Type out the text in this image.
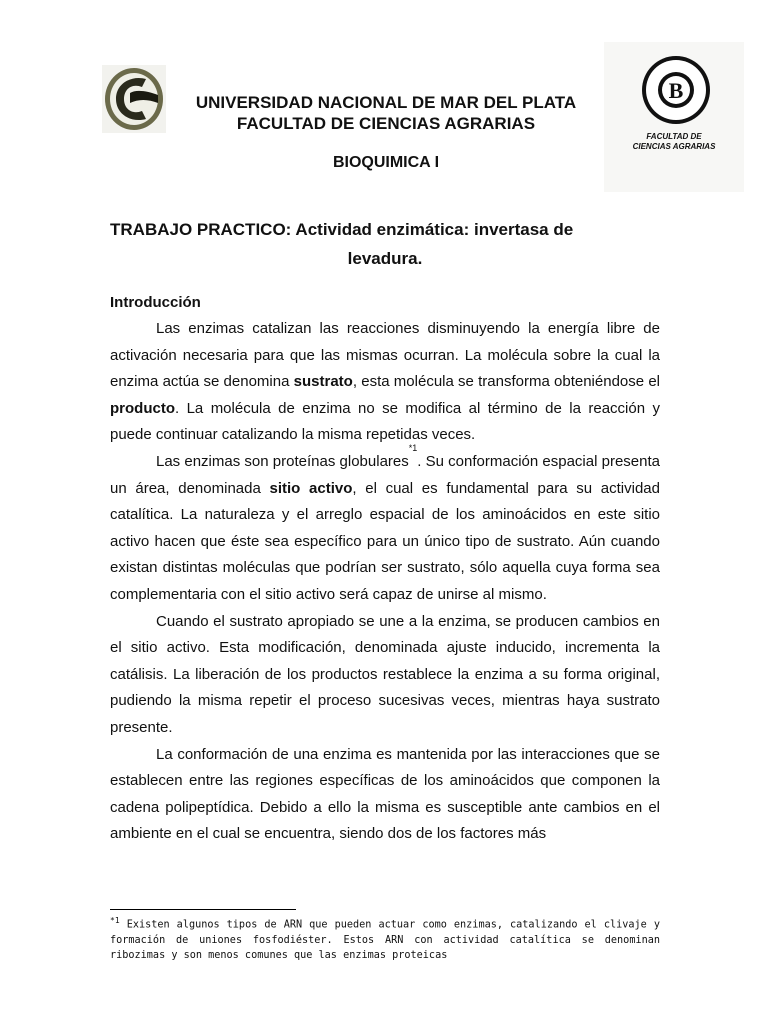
B
FACULTAD DE
CIENCIAS AGRARIAS
UNIVERSIDAD NACIONAL DE MAR DEL PLATA
FACULTAD DE CIENCIAS AGRARIAS
BIOQUIMICA I
TRABAJO PRACTICO: Actividad enzimática: invertasa de
levadura.
Introducción

Las enzimas catalizan las reacciones disminuyendo la energía libre de activación necesaria para que las mismas ocurran. La molécula sobre la cual la enzima actúa se denomina sustrato, esta molécula se transforma obteniéndose el producto. La molécula de enzima no se modifica al término de la reacción y puede continuar catalizando la misma repetidas veces.

Las enzimas son proteínas globulares$^{*1}$. Su conformación espacial presenta un área, denominada sitio activo, el cual es fundamental para su actividad catalítica. La naturaleza y el arreglo espacial de los aminoácidos en este sitio activo hacen que éste sea específico para un único tipo de sustrato. Aún cuando existan distintas moléculas que podrían ser sustrato, sólo aquella cuya forma sea complementaria con el sitio activo será capaz de unirse al mismo.

Cuando el sustrato apropiado se une a la enzima, se producen cambios en el sitio activo. Esta modificación, denominada ajuste inducido, incrementa la catálisis. La liberación de los productos restablece la enzima a su forma original, pudiendo la misma repetir el proceso sucesivas veces, mientras haya sustrato presente.

La conformación de una enzima es mantenida por las interacciones que se establecen entre las regiones específicas de los aminoácidos que componen la cadena polipeptídica. Debido a ello la misma es susceptible ante cambios en el ambiente en el cual se encuentra, siendo dos de los factores más

$^{*1}$ Existen algunos tipos de ARN que pueden actuar como enzimas, catalizando el clivaje y formación de uniones fosfodiéster. Estos ARN con actividad catalítica se denominan ribozimas y son menos comunes que las enzimas proteicas
